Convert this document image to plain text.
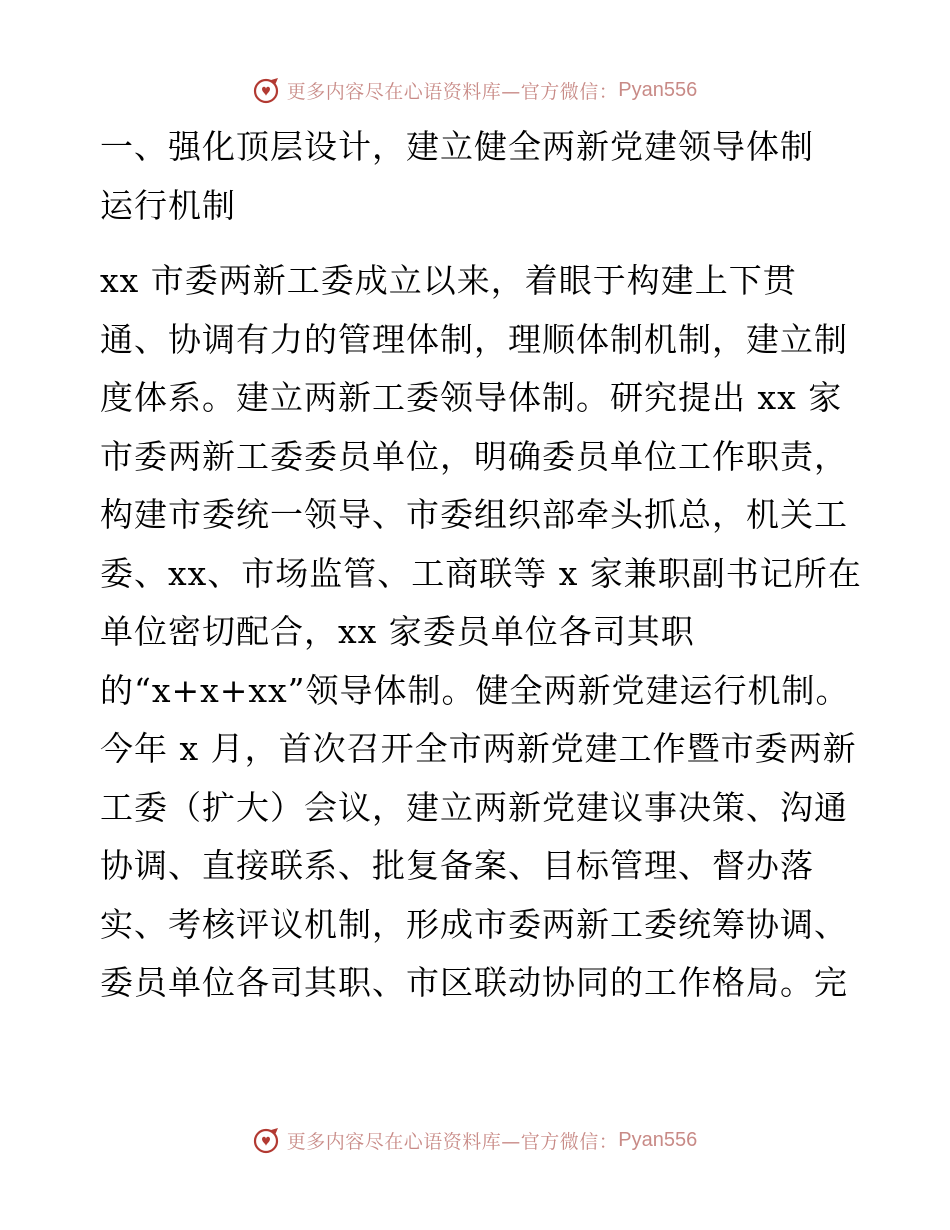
更多内容尽在心语资料库—官方微信： Pyan556
一、强化顶层设计，建立健全两新党建领导体制
运行机制
xx 市委两新工委成立以来，着眼于构建上下贯
通、协调有力的管理体制，理顺体制机制，建立制
度体系。建立两新工委领导体制。研究提出 xx 家
市委两新工委委员单位，明确委员单位工作职责，
构建市委统一领导、市委组织部牵头抓总，机关工
委、xx、市场监管、工商联等 x 家兼职副书记所在
单位密切配合，xx 家委员单位各司其职
的“x+x+xx”领导体制。健全两新党建运行机制。
今年 x 月，首次召开全市两新党建工作暨市委两新
工委（扩大）会议，建立两新党建议事决策、沟通
协调、直接联系、批复备案、目标管理、督办落
实、考核评议机制，形成市委两新工委统筹协调、
委员单位各司其职、市区联动协同的工作格局。完
更多内容尽在心语资料库—官方微信： Pyan556
